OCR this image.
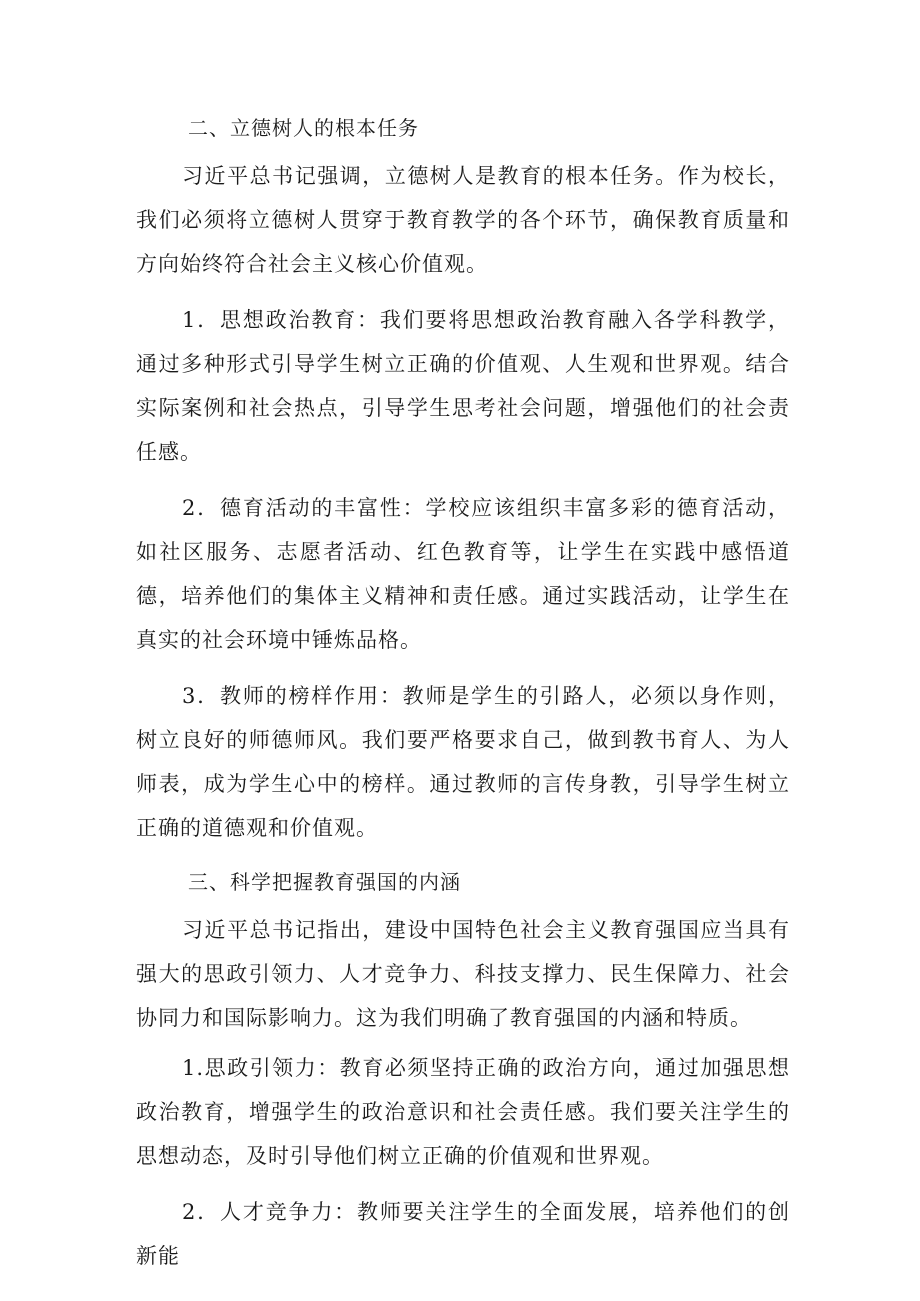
二、立德树人的根本任务

习近平总书记强调，立德树人是教育的根本任务。作为校长，我们必须将立德树人贯穿于教育教学的各个环节，确保教育质量和方向始终符合社会主义核心价值观。

1．思想政治教育：我们要将思想政治教育融入各学科教学，通过多种形式引导学生树立正确的价值观、人生观和世界观。结合实际案例和社会热点，引导学生思考社会问题，增强他们的社会责任感。

2．德育活动的丰富性：学校应该组织丰富多彩的德育活动，如社区服务、志愿者活动、红色教育等，让学生在实践中感悟道德，培养他们的集体主义精神和责任感。通过实践活动，让学生在真实的社会环境中锤炼品格。

3．教师的榜样作用：教师是学生的引路人，必须以身作则，树立良好的师德师风。我们要严格要求自己，做到教书育人、为人师表，成为学生心中的榜样。通过教师的言传身教，引导学生树立正确的道德观和价值观。

三、科学把握教育强国的内涵

习近平总书记指出，建设中国特色社会主义教育强国应当具有强大的思政引领力、人才竞争力、科技支撑力、民生保障力、社会协同力和国际影响力。这为我们明确了教育强国的内涵和特质。

1.思政引领力：教育必须坚持正确的政治方向，通过加强思想政治教育，增强学生的政治意识和社会责任感。我们要关注学生的思想动态，及时引导他们树立正确的价值观和世界观。

2．人才竞争力：教师要关注学生的全面发展，培养他们的创新能
